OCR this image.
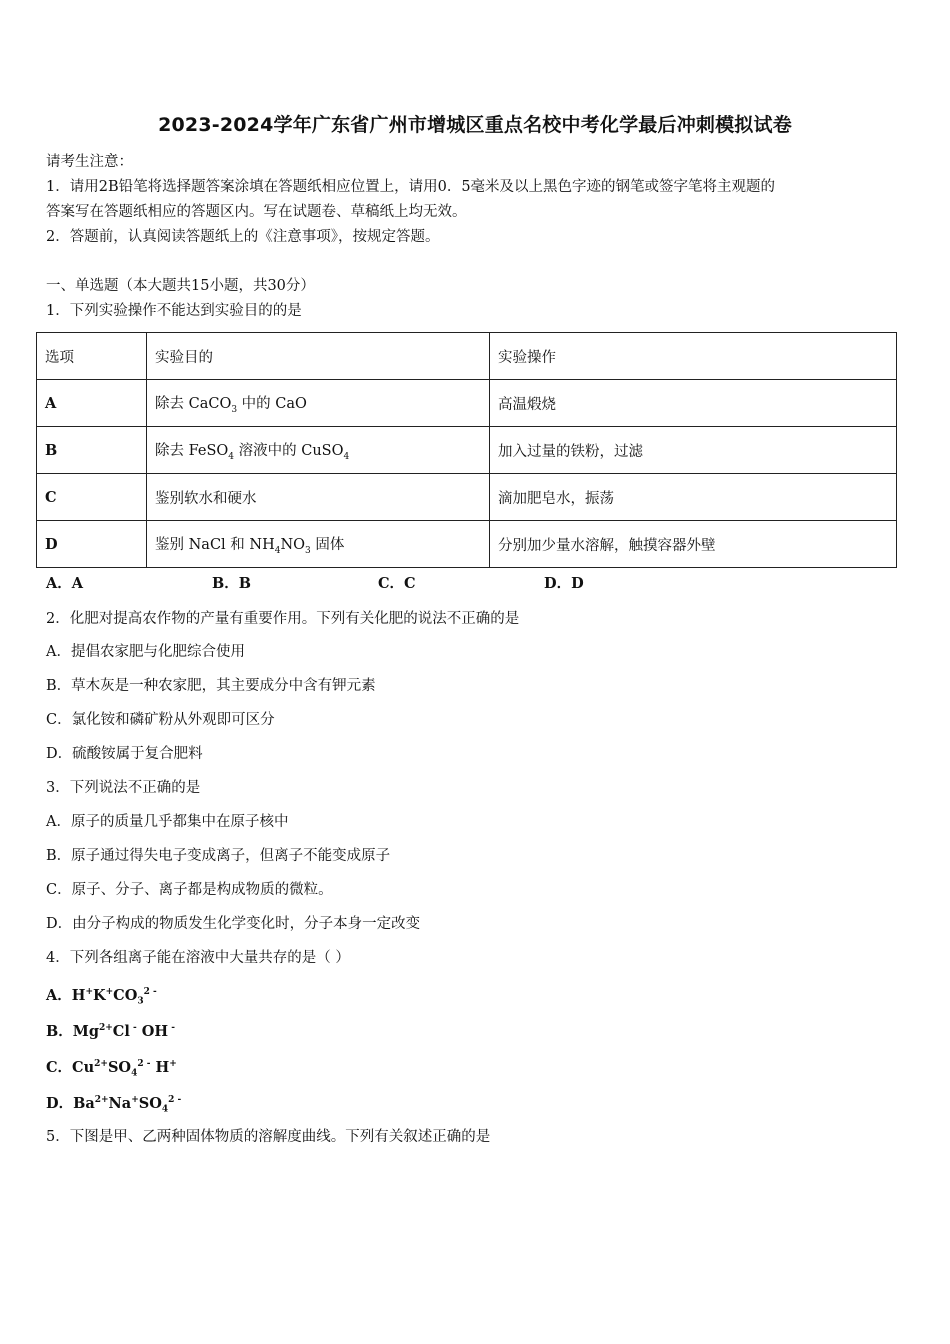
2023-2024学年广东省广州市增城区重点名校中考化学最后冲刺模拟试卷
请考生注意：
1．请用2B铅笔将选择题答案涂填在答题纸相应位置上，请用0．5毫米及以上黑色字迹的钢笔或签字笔将主观题的
答案写在答题纸相应的答题区内。写在试题卷、草稿纸上均无效。
2．答题前，认真阅读答题纸上的《注意事项》，按规定答题。
一、单选题（本大题共15小题，共30分）
1．下列实验操作不能达到实验目的的是
选项	实验目的	实验操作
A	除去 CaCO$_3$ 中的 CaO	高温煅烧
B	除去 FeSO$_4$ 溶液中的 CuSO$_4$	加入过量的铁粉，过滤
C	鉴别软水和硬水	滴加肥皂水，振荡
D	鉴别 NaCl 和 $NH_4NO_3$ 固体	分别加少量水溶解，触摸容器外壁
A．A	B．B	C．C	D．D
2．化肥对提高农作物的产量有重要作用。下列有关化肥的说法不正确的是
A．提倡农家肥与化肥综合使用
B．草木灰是一种农家肥，其主要成分中含有钾元素
C．氯化铵和磷矿粉从外观即可区分
D．硫酸铵属于复合肥料
3．下列说法不正确的是
A．原子的质量几乎都集中在原子核中
B．原子通过得失电子变成离子，但离子不能变成原子
C．原子、分子、离子都是构成物质的微粒。
D．由分子构成的物质发生化学变化时，分子本身一定改变
4．下列各组离子能在溶液中大量共存的是（ ）
A．$H^+K^+CO_3^{2 -}$
B．$Mg^{2+}Cl$ - OH -
C．$Cu^{2+}SO_4^{2 -}$ H+
D．$Ba^{2+}Na^+SO_4^{2 -}$
5．下图是甲、乙两种固体物质的溶解度曲线。下列有关叙述正确的是
